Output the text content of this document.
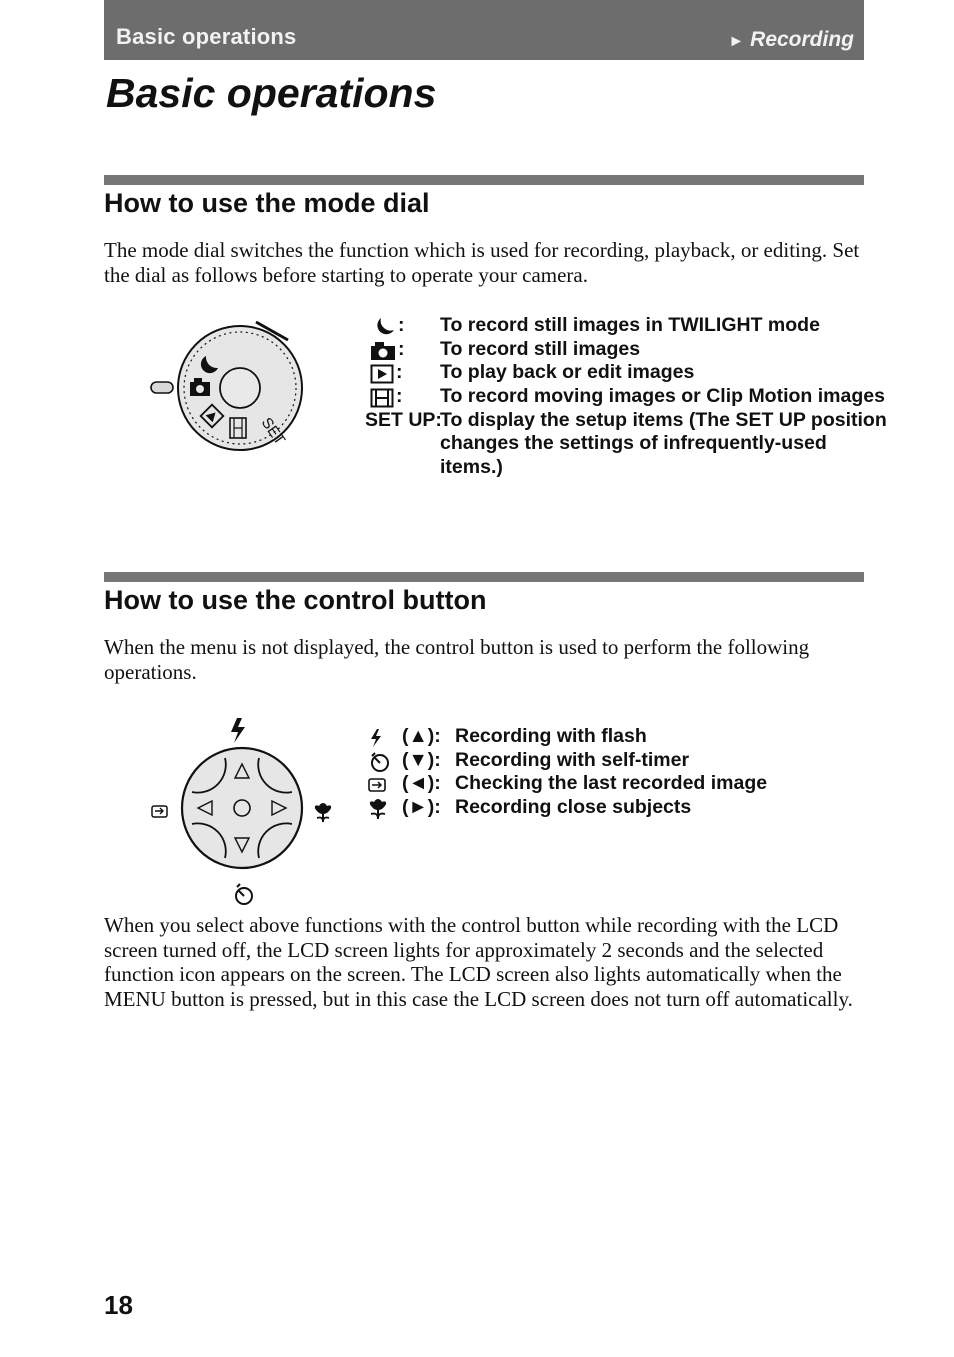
Basic operations	► Recording
Basic operations
How to use the mode dial

The mode dial switches the function which is used for recording, playback, or editing. Set the dial as follows before starting to operate your camera.

SET
: To record still images in TWILIGHT mode
: To record still images
: To play back or edit images
: To record moving images or Clip Motion images
SET UP:
To display the setup items (The SET UP position
changes the settings of infrequently-used
items.)
How to use the control button

When the menu is not displayed, the control button is used to perform the following operations.

(▲): Recording with flash
(▼): Recording with self-timer
(◄): Checking the last recorded image
(►): Recording close subjects

When you select above functions with the control button while recording with the LCD screen turned off, the LCD screen lights for approximately 2 seconds and the selected function icon appears on the screen. The LCD screen also lights automatically when the MENU button is pressed, but in this case the LCD screen does not turn off automatically.

18
